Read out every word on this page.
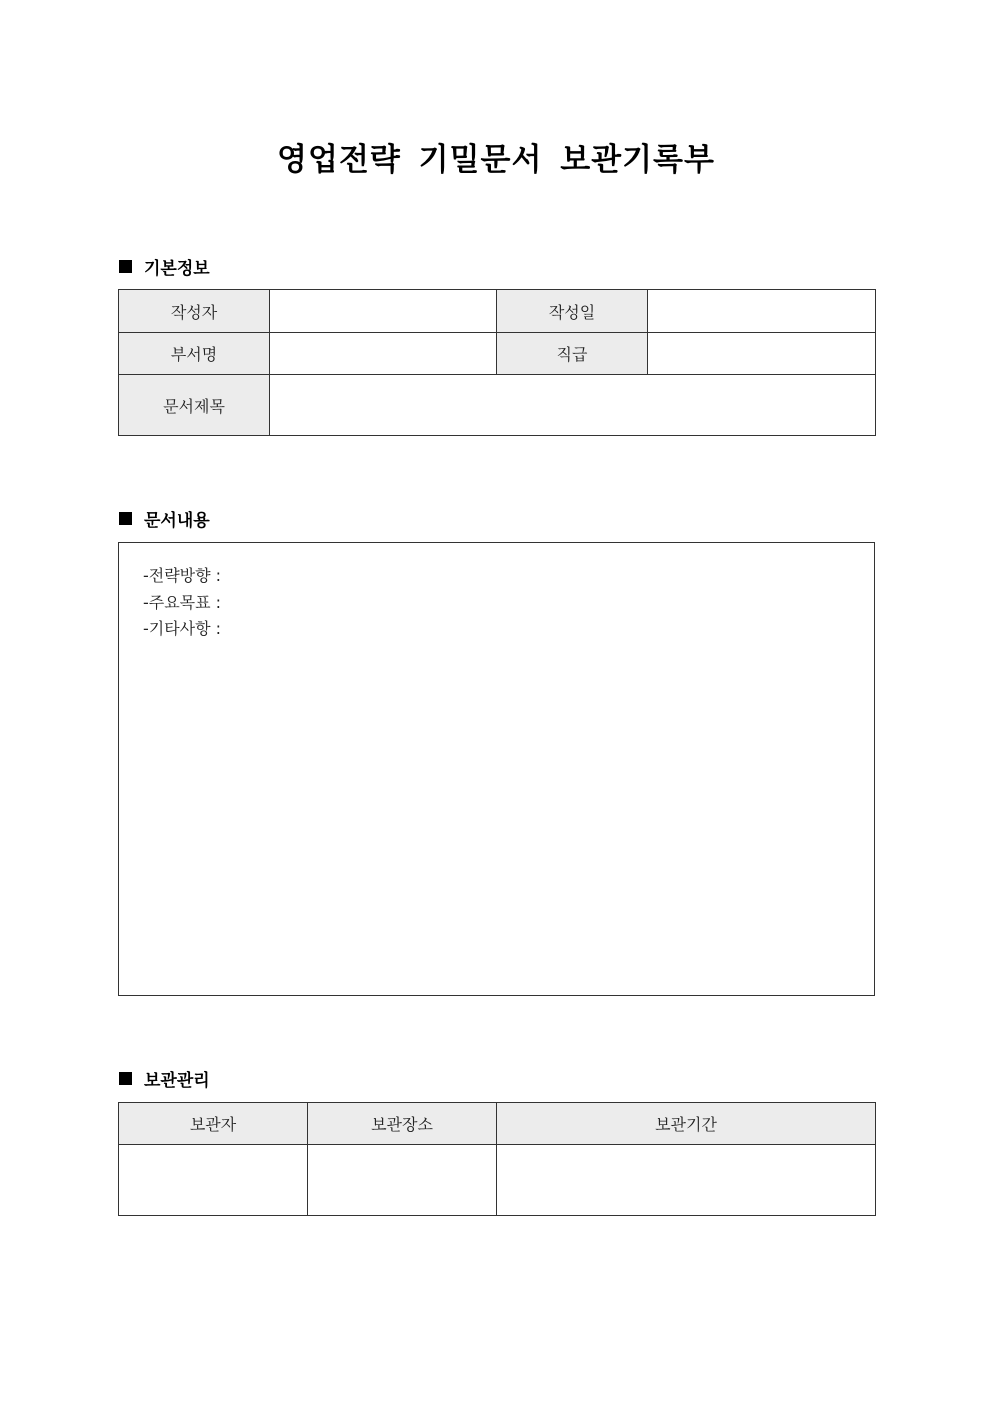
영업전략 기밀문서 보관기록부
기본정보
작성자		작성일	
부서명		직급	
문서제목			
문서내용
-전략방향 :
-주요목표 :
-기타사항 :
보관관리
보관자	보관장소	보관기간
